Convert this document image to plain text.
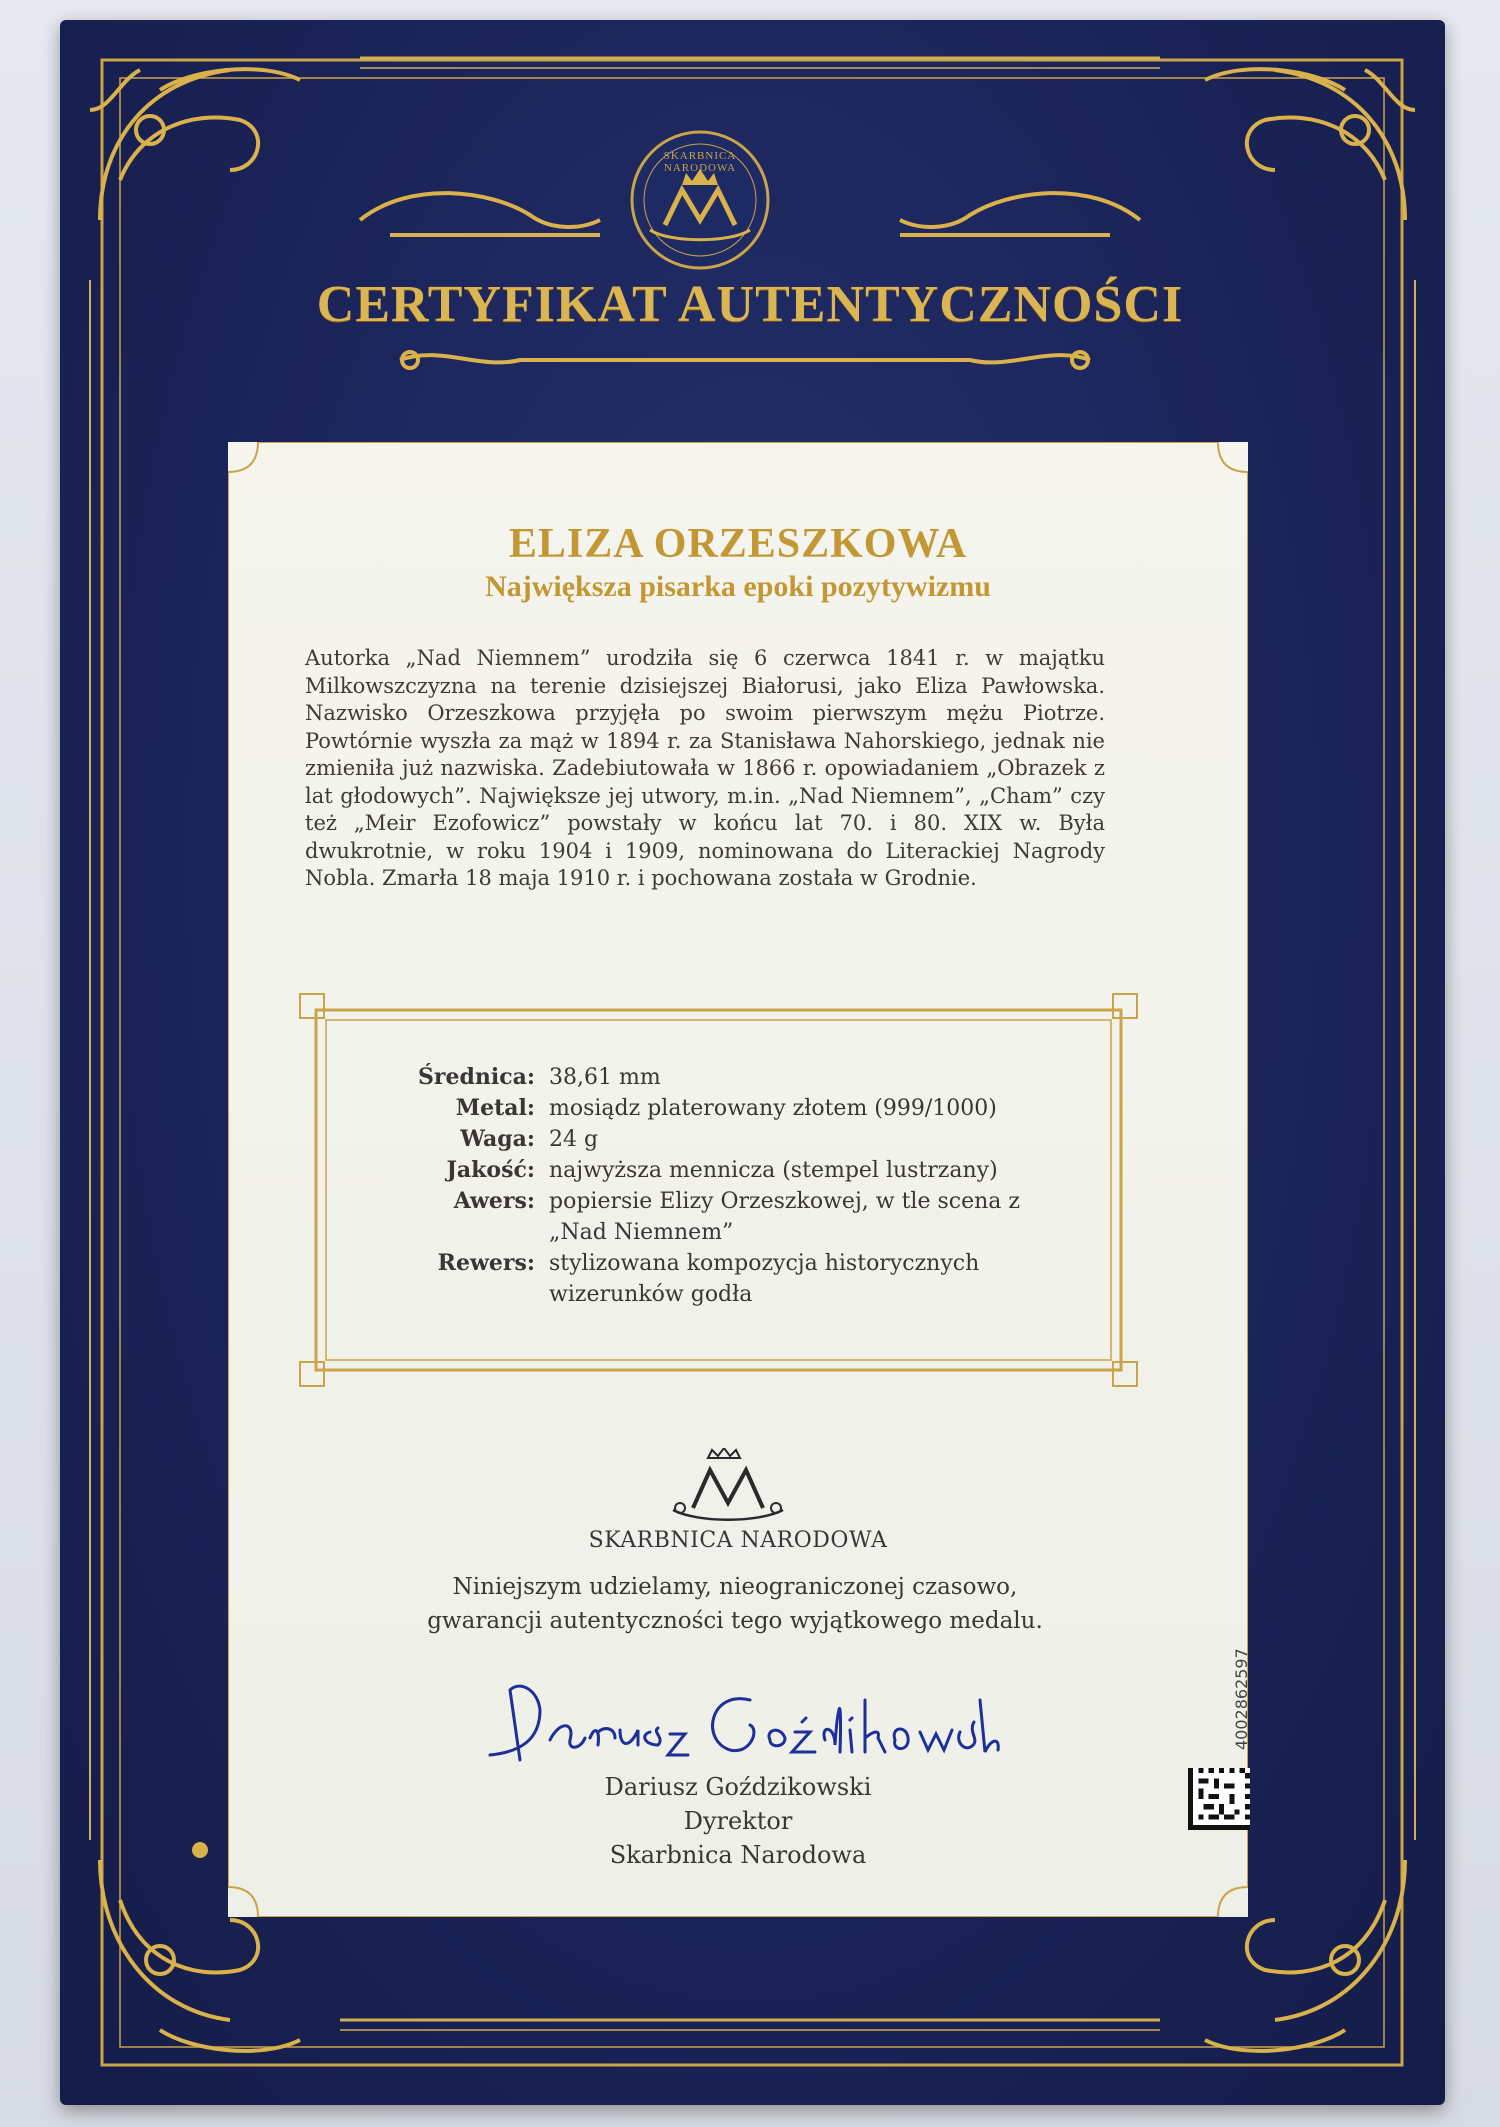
SKARBNICA NARODOWA
CERTYFIKAT AUTENTYCZNOŚCI
ELIZA ORZESZKOWA
Największa pisarka epoki pozytywizmu
Autorka „Nad Niemnem” urodziła się 6 czerwca 1841 r. w majątku Milkowszczyzna na terenie dzisiejszej Białorusi, jako Eliza Pawłowska. Nazwisko Orzeszkowa przyjęła po swoim pierwszym mężu Piotrze. Powtórnie wyszła za mąż w 1894 r. za Stanisława Nahorskiego, jednak nie zmieniła już nazwiska. Zadebiutowała w 1866 r. opowiadaniem „Obrazek z lat głodowych”. Największe jej utwory, m.in. „Nad Niemnem”, „Cham” czy też „Meir Ezofowicz” powstały w końcu lat 70. i 80. XIX w. Była dwukrotnie, w roku 1904 i 1909, nominowana do Literackiej Nagrody Nobla. Zmarła 18 maja 1910 r. i pochowana została w Grodnie.
Średnica: 38,61 mm
Metal: mosiądz platerowany złotem (999/1000)
Waga: 24 g
Jakość: najwyższa mennicza (stempel lustrzany)
Awers: popiersie Elizy Orzeszkowej, w tle scena z „Nad Niemnem”
Rewers: stylizowana kompozycja historycznych wizerunków godła
SKARBNICA NARODOWA
Niniejszym udzielamy, nieograniczonej czasowo,
gwarancji autentyczności tego wyjątkowego medalu.
Dariusz Goździkowski
Dyrektor
Skarbnica Narodowa
